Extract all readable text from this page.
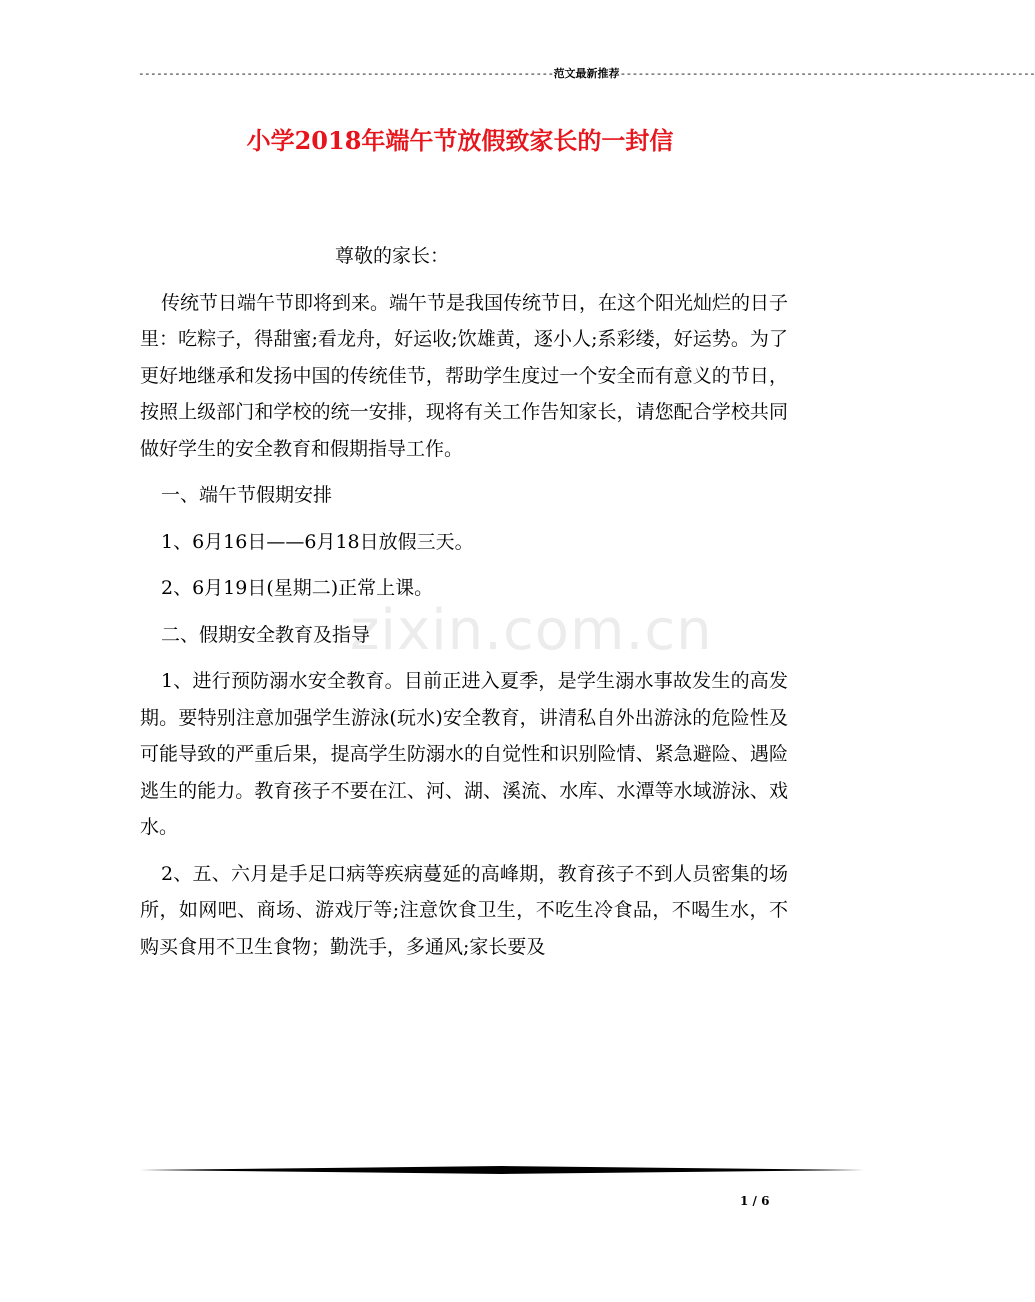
---------------------------------------------------------------------范文最新推荐---------------------------------------------------------------------
小学2018年端午节放假致家长的一封信
zixin.com.cn

尊敬的家长：

传统节日端午节即将到来。端午节是我国传统节日，在这个阳光灿烂的日子里：吃粽子，得甜蜜;看龙舟，好运收;饮雄黄，逐小人;系彩缕，好运势。为了更好地继承和发扬中国的传统佳节，帮助学生度过一个安全而有意义的节日，按照上级部门和学校的统一安排，现将有关工作告知家长，请您配合学校共同做好学生的安全教育和假期指导工作。

一、端午节假期安排

1、6月16日——6月18日放假三天。

2、6月19日(星期二)正常上课。

二、假期安全教育及指导

1、进行预防溺水安全教育。目前正进入夏季，是学生溺水事故发生的高发期。要特别注意加强学生游泳(玩水)安全教育，讲清私自外出游泳的危险性及可能导致的严重后果，提高学生防溺水的自觉性和识别险情、紧急避险、遇险逃生的能力。教育孩子不要在江、河、湖、溪流、水库、水潭等水域游泳、戏水。

2、五、六月是手足口病等疾病蔓延的高峰期，教育孩子不到人员密集的场所，如网吧、商场、游戏厅等;注意饮食卫生，不吃生冷食品，不喝生水，不购买食用不卫生食物；勤洗手，多通风;家长要及

1 / 6
